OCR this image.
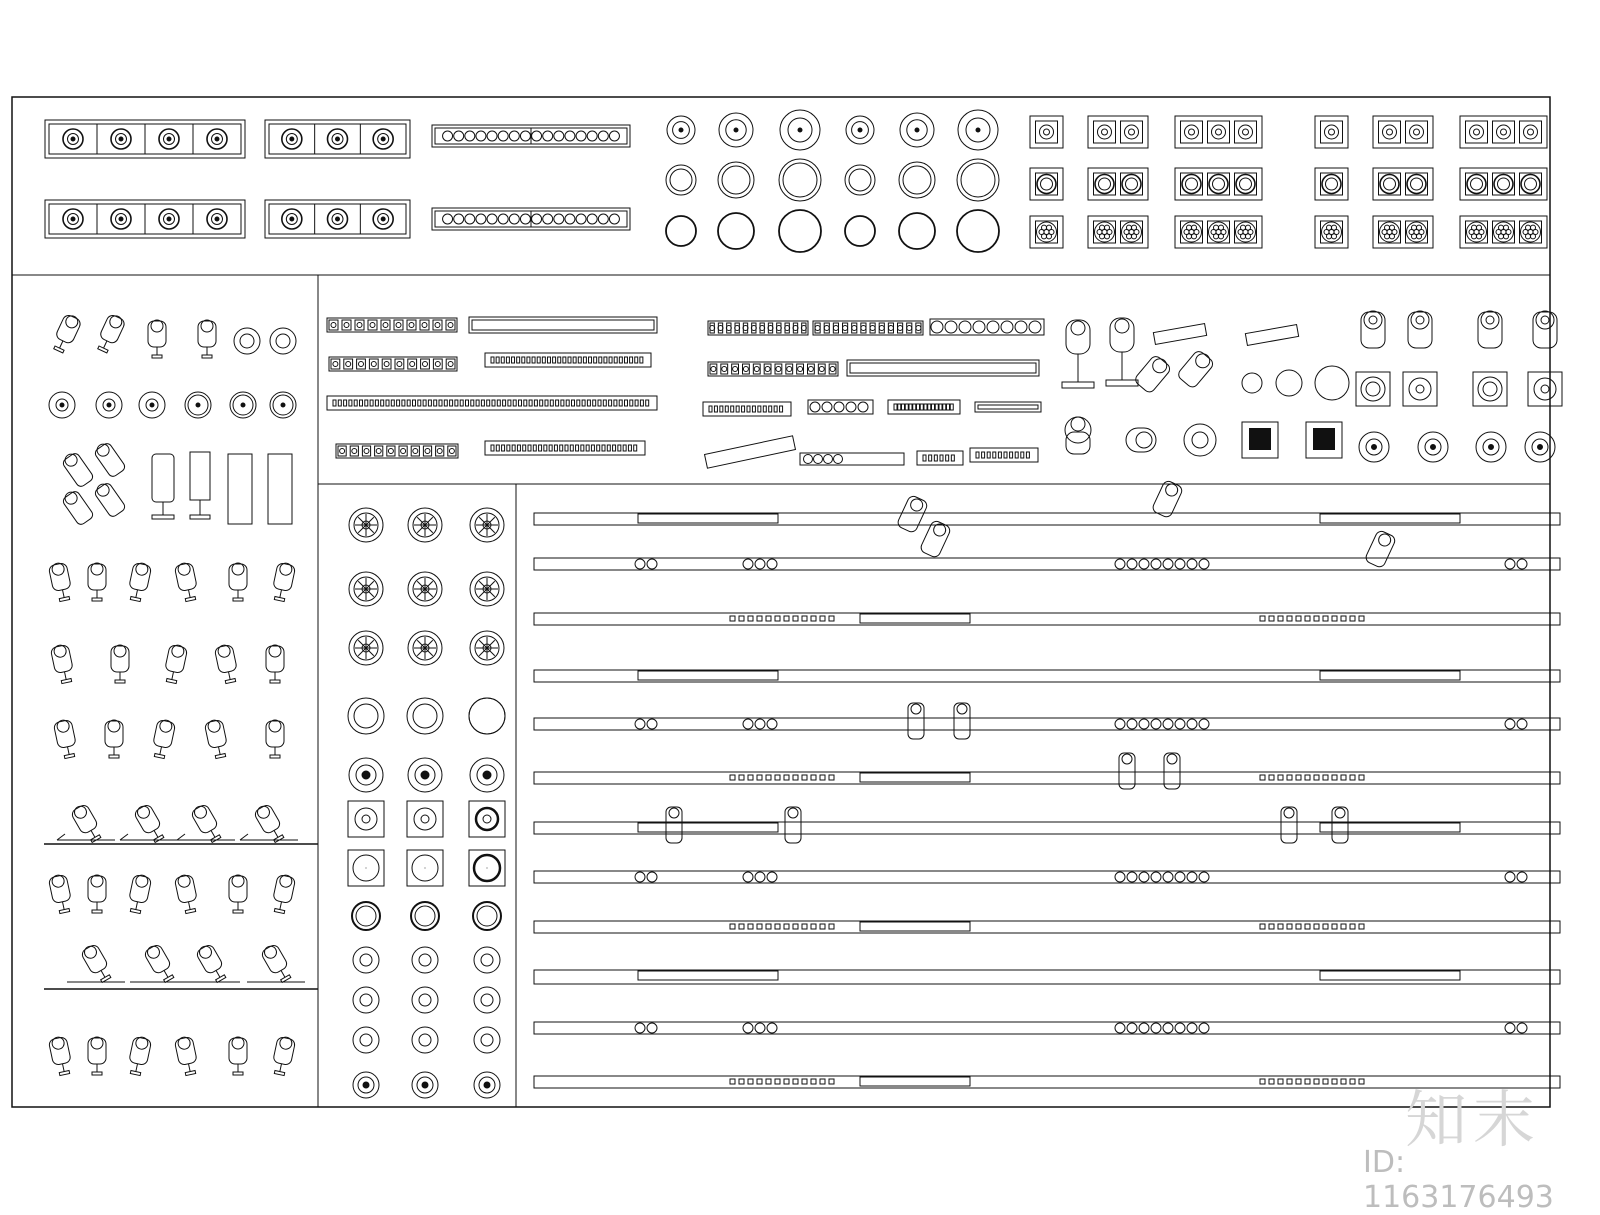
知末
ID: 1163176493
